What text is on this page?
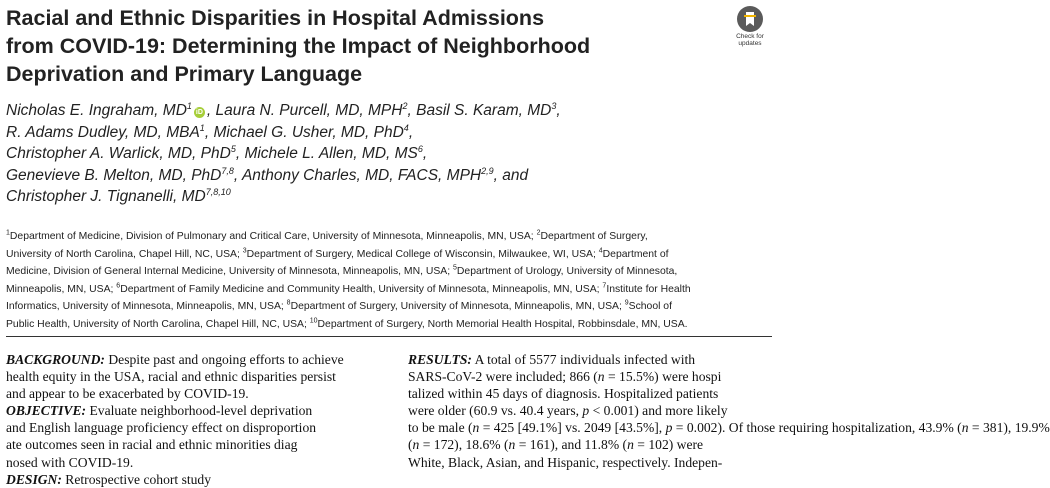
Racial and Ethnic Disparities in Hospital Admissions
from COVID-19: Determining the Impact of Neighborhood
Deprivation and Primary Language
Check for
updates
Nicholas E. Ingraham, $MD^1iD$ , Laura N. Purcell, MD, MPH$^2$, Basil S. Karam, $MD^3$,
R. Adams Dudley, MD, MBA$^1$, Michael G. Usher, MD, PhD$^4$,
Christopher A. Warlick, MD, PhD$^5$, Michele L. Allen, MD, $MS^6$,
Genevieve B. Melton, MD, PhD$^{7,8}$, Anthony Charles, MD, FACS, MPH$^{2,9}$, and
Christopher J. Tignanelli, MD$^{7,8,10}$
$^1$Department of Medicine, Division of Pulmonary and Critical Care, University of Minnesota, Minneapolis, MN, USA; $^2$Department of Surgery,
University of North Carolina, Chapel Hill, NC, USA; $^3$Department of Surgery, Medical College of Wisconsin, Milwaukee, WI, USA; $^4$Department of
Medicine, Division of General Internal Medicine, University of Minnesota, Minneapolis, MN, USA; $^5$Department of Urology, University of Minnesota,
Minneapolis, MN, USA; $^6$Department of Family Medicine and Community Health, University of Minnesota, Minneapolis, MN, USA; $^7$Institute for Health
Informatics, University of Minnesota, Minneapolis, MN, USA; $^8$Department of Surgery, University of Minnesota, Minneapolis, MN, USA; $^9$School of
Public Health, University of North Carolina, Chapel Hill, NC, USA; $^{10}$Department of Surgery, North Memorial Health Hospital, Robbinsdale, MN, USA.
BACKGROUND: Despite past and ongoing efforts to achieve
health equity in the USA, racial and ethnic disparities persist
and appear to be exacerbated by COVID-19.
OBJECTIVE: Evaluate neighborhood-level deprivation
and English language proficiency effect on disproportion
ate outcomes seen in racial and ethnic minorities diag
nosed with COVID-19.
DESIGN: Retrospective cohort study
RESULTS: A total of 5577 individuals infected with
SARS-CoV-2 were included; 866 (n = 15.5%) were hospi
talized within 45 days of diagnosis. Hospitalized patients
were older (60.9 vs. 40.4 years, p < 0.001) and more likely
to be male (n = 425 [49.1%] vs. 2049 [43.5%], p = 0.002). Of those requiring hospitalization, 43.9% (n = 381), 19.9%
(n = 172), 18.6% (n = 161), and 11.8% (n = 102) were
White, Black, Asian, and Hispanic, respectively. Indepen-
